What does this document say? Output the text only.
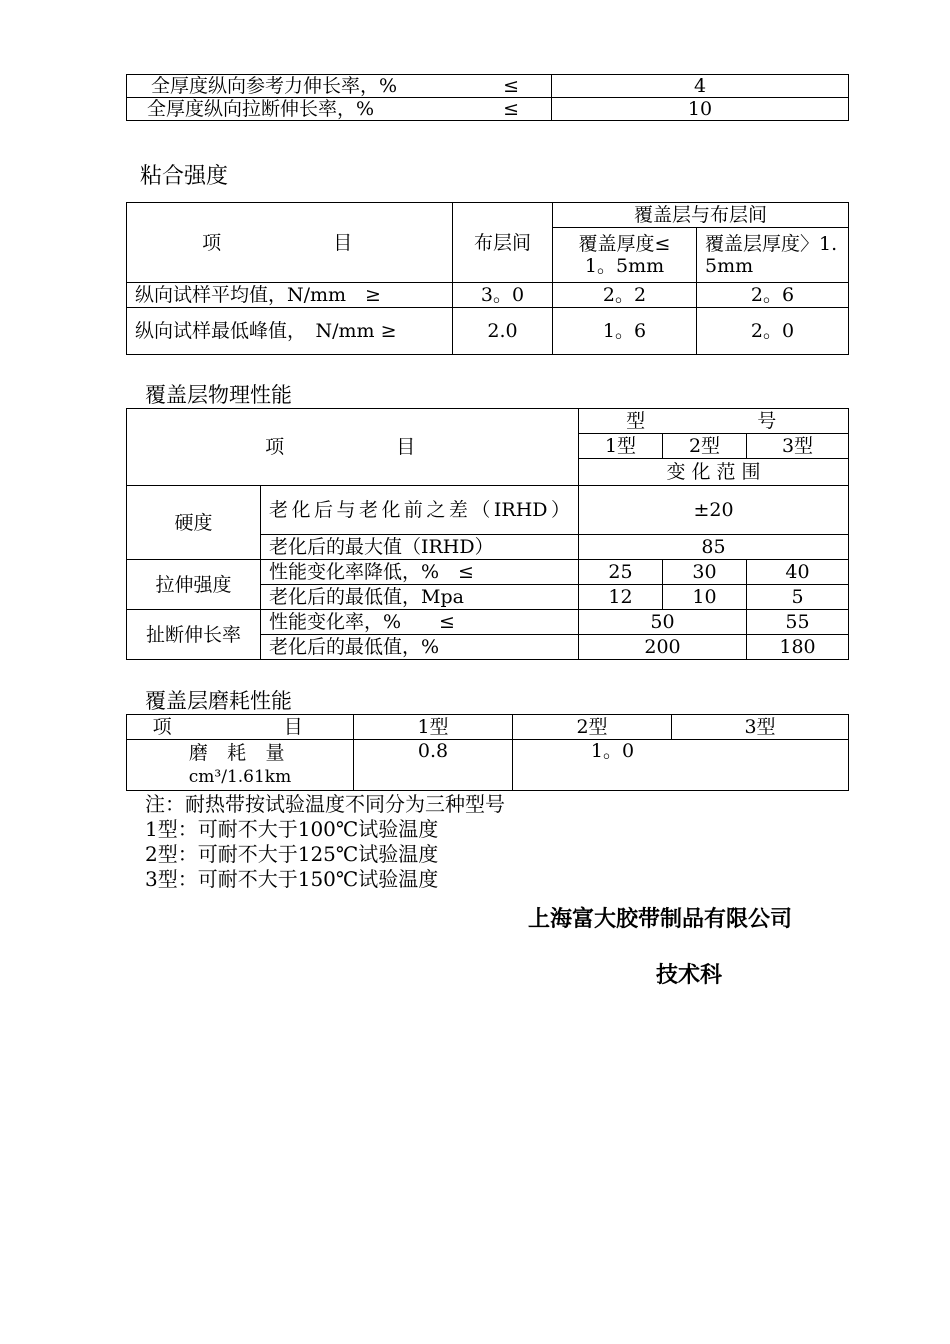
全厚度纵向参考力伸长率，% ≤	4

全厚度纵向拉断伸长率，% ≤	10
粘合强度
项　　目	布层间	覆盖层与布层间	
		覆盖厚度≤1。5mm	覆盖层厚度〉1.5mm
纵向试样平均值，N/mm　≥	3。0	2。2	2。6
纵向试样最低峰值，　N/mm ≥	2.0	1。6	2。0
覆盖层物理性能
项　　目		型　　号		
		1型	2型	3型
		变 化 范 围		
硬度	老化后与老化前之差（IRHD）	±20		
	老化后的最大值（IRHD）	85		
拉伸强度	性能变化率降低，%　≤	25	30	40
	老化后的最低值，Mpa	12	10	5
扯断伸长率	性能变化率，%　　≤	50		55
	老化后的最低值，%	200		180
覆盖层磨耗性能
项　　目	1型	2型	3型

磨 耗 量
cm³/1.61km	0.8	1。0	
注：耐热带按试验温度不同分为三种型号
1型：可耐不大于100℃试验温度
2型：可耐不大于125℃试验温度
3型：可耐不大于150℃试验温度
上海富大胶带制品有限公司
技术科
